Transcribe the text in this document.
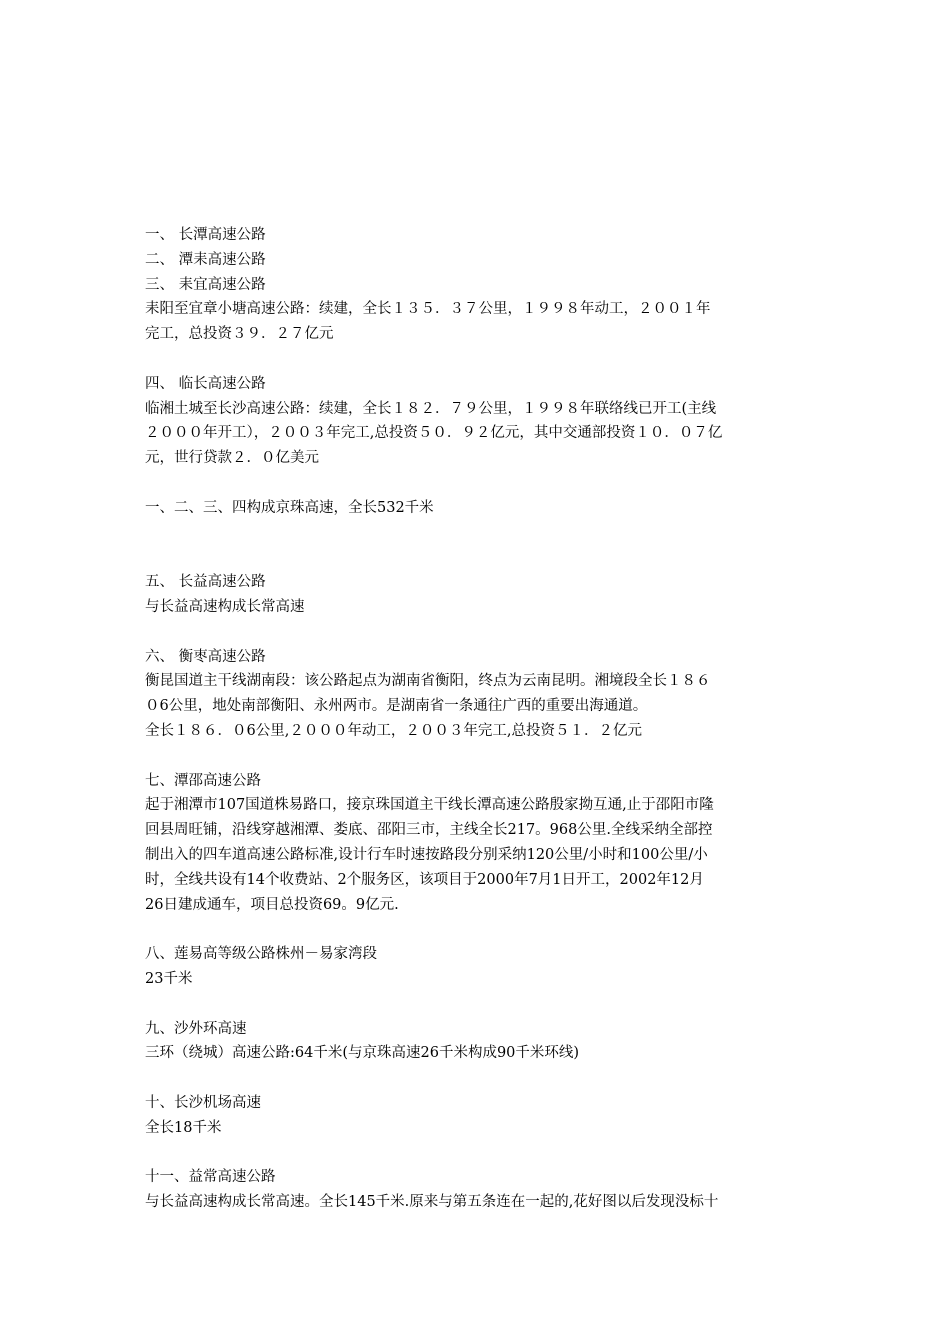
一、 长潭高速公路
二、 潭耒高速公路
三、 耒宜高速公路
耒阳至宜章小塘高速公路：续建，全长１３５．３７公里，１９９８年动工，２００１年
完工，总投资３９．２７亿元
四、 临长高速公路
临湘土城至长沙高速公路：续建，全长１８２．７９公里，１９９８年联络线已开工(主线
２０００年开工），２００３年完工,总投资５０．９２亿元，其中交通部投资１０．０７亿
元，世行贷款２．０亿美元
一、二、三、四构成京珠高速，全长532千米
五、 长益高速公路
与长益高速构成长常高速
六、 衡枣高速公路
衡昆国道主干线湖南段：该公路起点为湖南省衡阳，终点为云南昆明。湘境段全长１８６
０6公里，地处南部衡阳、永州两市。是湖南省一条通往广西的重要出海通道。
全长１８６．０6公里,２０００年动工，２００３年完工,总投资５１．２亿元
七、潭邵高速公路
起于湘潭市107国道株易路口，接京珠国道主干线长潭高速公路殷家拗互通,止于邵阳市隆
回县周旺铺，沿线穿越湘潭、娄底、邵阳三市，主线全长217。968公里.全线采纳全部控
制出入的四车道高速公路标准,设计行车时速按路段分别采纳120公里/小时和100公里/小
时，全线共设有14个收费站、2个服务区，该项目于2000年7月1日开工，2002年12月
26日建成通车，项目总投资69。9亿元.
八、莲易高等级公路株州－易家湾段
23千米
九、沙外环高速
三环（绕城）高速公路:64千米(与京珠高速26千米构成90千米环线)
十、长沙机场高速
全长18千米
十一、益常高速公路
与长益高速构成长常高速。全长145千米.原来与第五条连在一起的,花好图以后发现没标十
